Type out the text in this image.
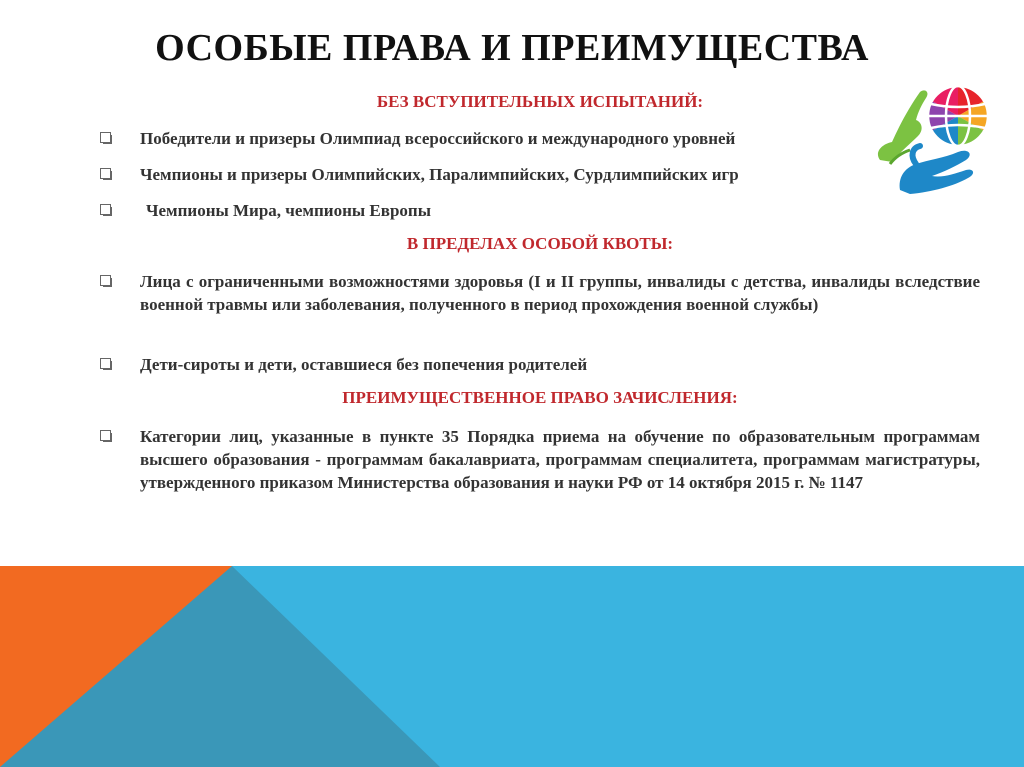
ОСОБЫЕ ПРАВА И ПРЕИМУЩЕСТВА
БЕЗ ВСТУПИТЕЛЬНЫХ ИСПЫТАНИЙ:
Победители и призеры Олимпиад всероссийского и международного уровней
Чемпионы и призеры Олимпийских, Паралимпийских, Сурдлимпийских игр
Чемпионы Мира, чемпионы Европы
В ПРЕДЕЛАХ ОСОБОЙ КВОТЫ:
Лица с ограниченными возможностями здоровья (I и II группы, инвалиды с детства, инвалиды вследствие военной травмы или заболевания, полученного в период прохождения военной службы)
Дети-сироты и дети, оставшиеся без попечения родителей
ПРЕИМУЩЕСТВЕННОЕ ПРАВО ЗАЧИСЛЕНИЯ:
Категории лиц, указанные в пункте 35 Порядка приема на обучение по образовательным программам высшего образования - программам бакалавриата, программам специалитета, программам магистратуры, утвержденного приказом Министерства образования и науки РФ от 14 октября 2015 г. № 1147
